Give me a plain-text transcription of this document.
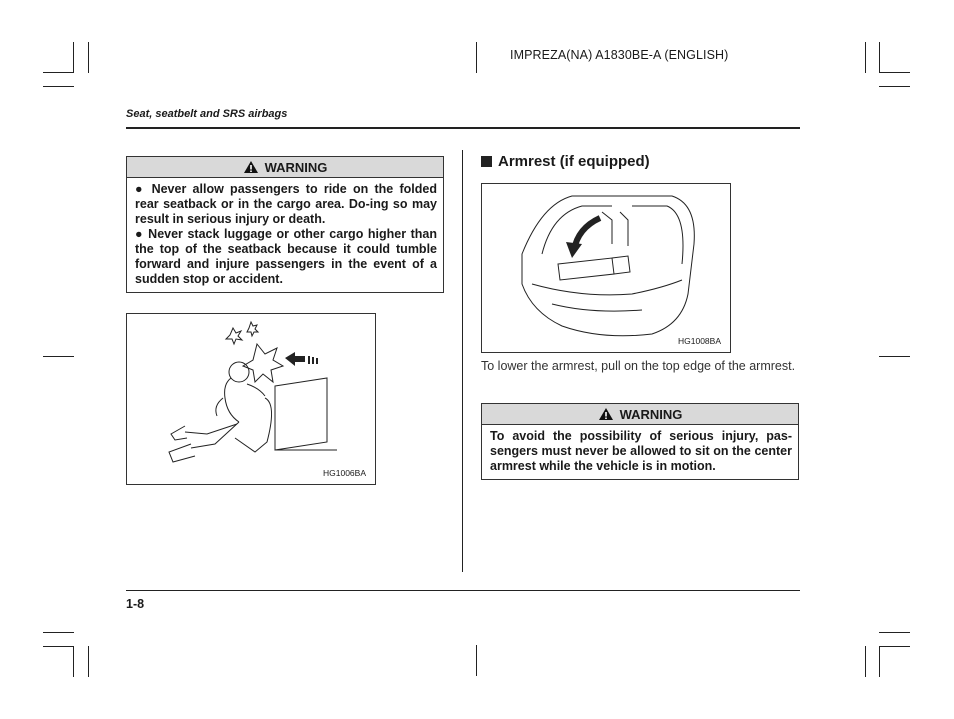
IMPREZA(NA) A1830BE-A (ENGLISH)
Seat, seatbelt and SRS airbags
WARNING

● Never allow passengers to ride on the folded rear seatback or in the cargo area. Do-ing so may result in serious injury or death.

● Never stack luggage or other cargo higher than the top of the seatback because it could tumble forward and injure passengers in the event of a sudden stop or accident.

HG1006BA
Armrest (if equipped)
HG1008BA
To lower the armrest, pull on the top edge of the armrest.
WARNING

To avoid the possibility of serious injury, pas-sengers must never be allowed to sit on the center armrest while the vehicle is in motion.

1-8
